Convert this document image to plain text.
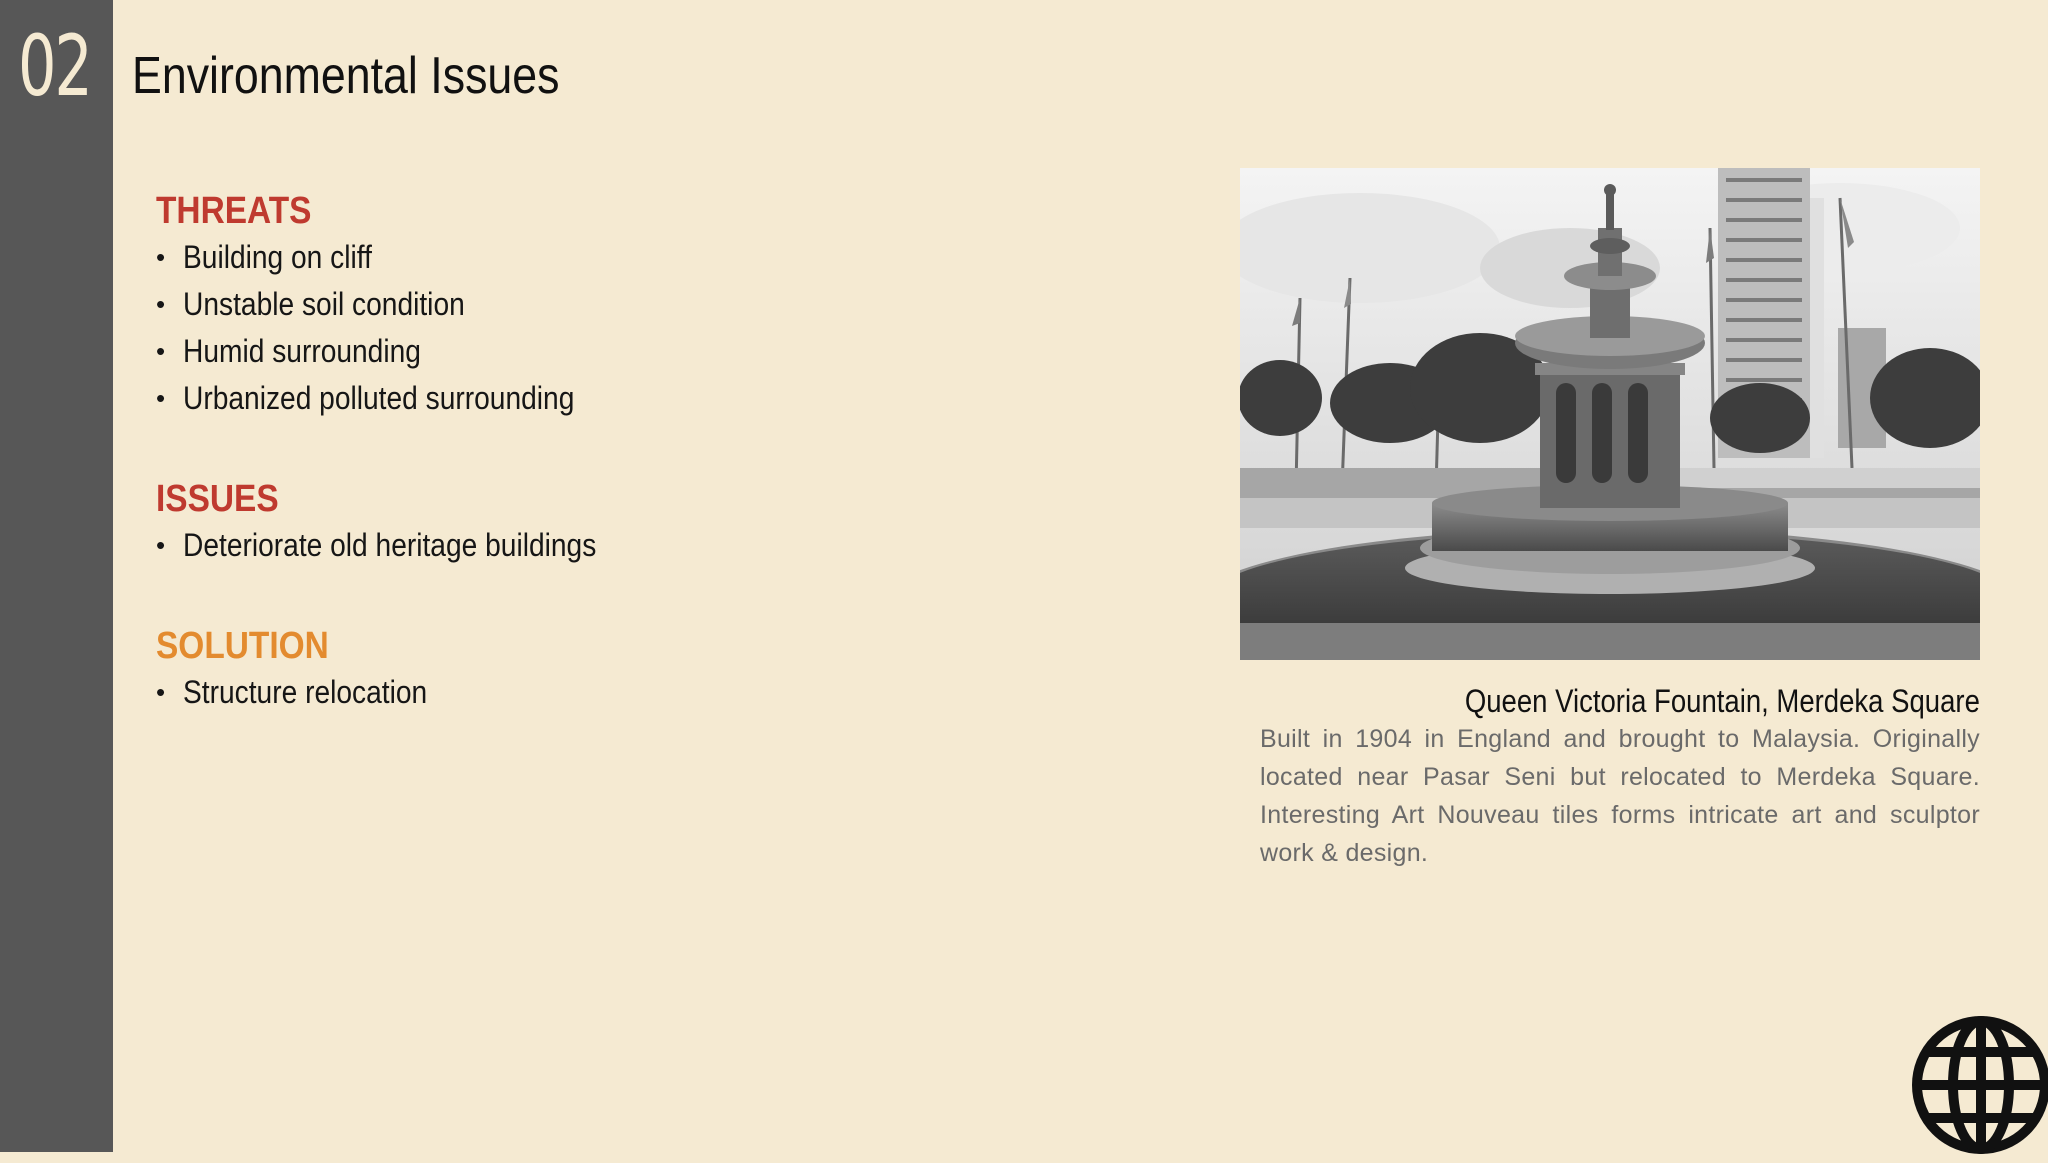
02 Environmental Issues
THREATS
• Building on cliff
• Unstable soil condition
• Humid surrounding
• Urbanized polluted surrounding
ISSUES
• Deteriorate old heritage buildings
SOLUTION
• Structure relocation	Queen Victoria Fountain, Merdeka Square
Built in 1904 in England and brought to Malaysia. Originally located near Pasar Seni but relocated to Merdeka Square. Interesting Art Nouveau tiles forms intricate art and sculptor work & design.
